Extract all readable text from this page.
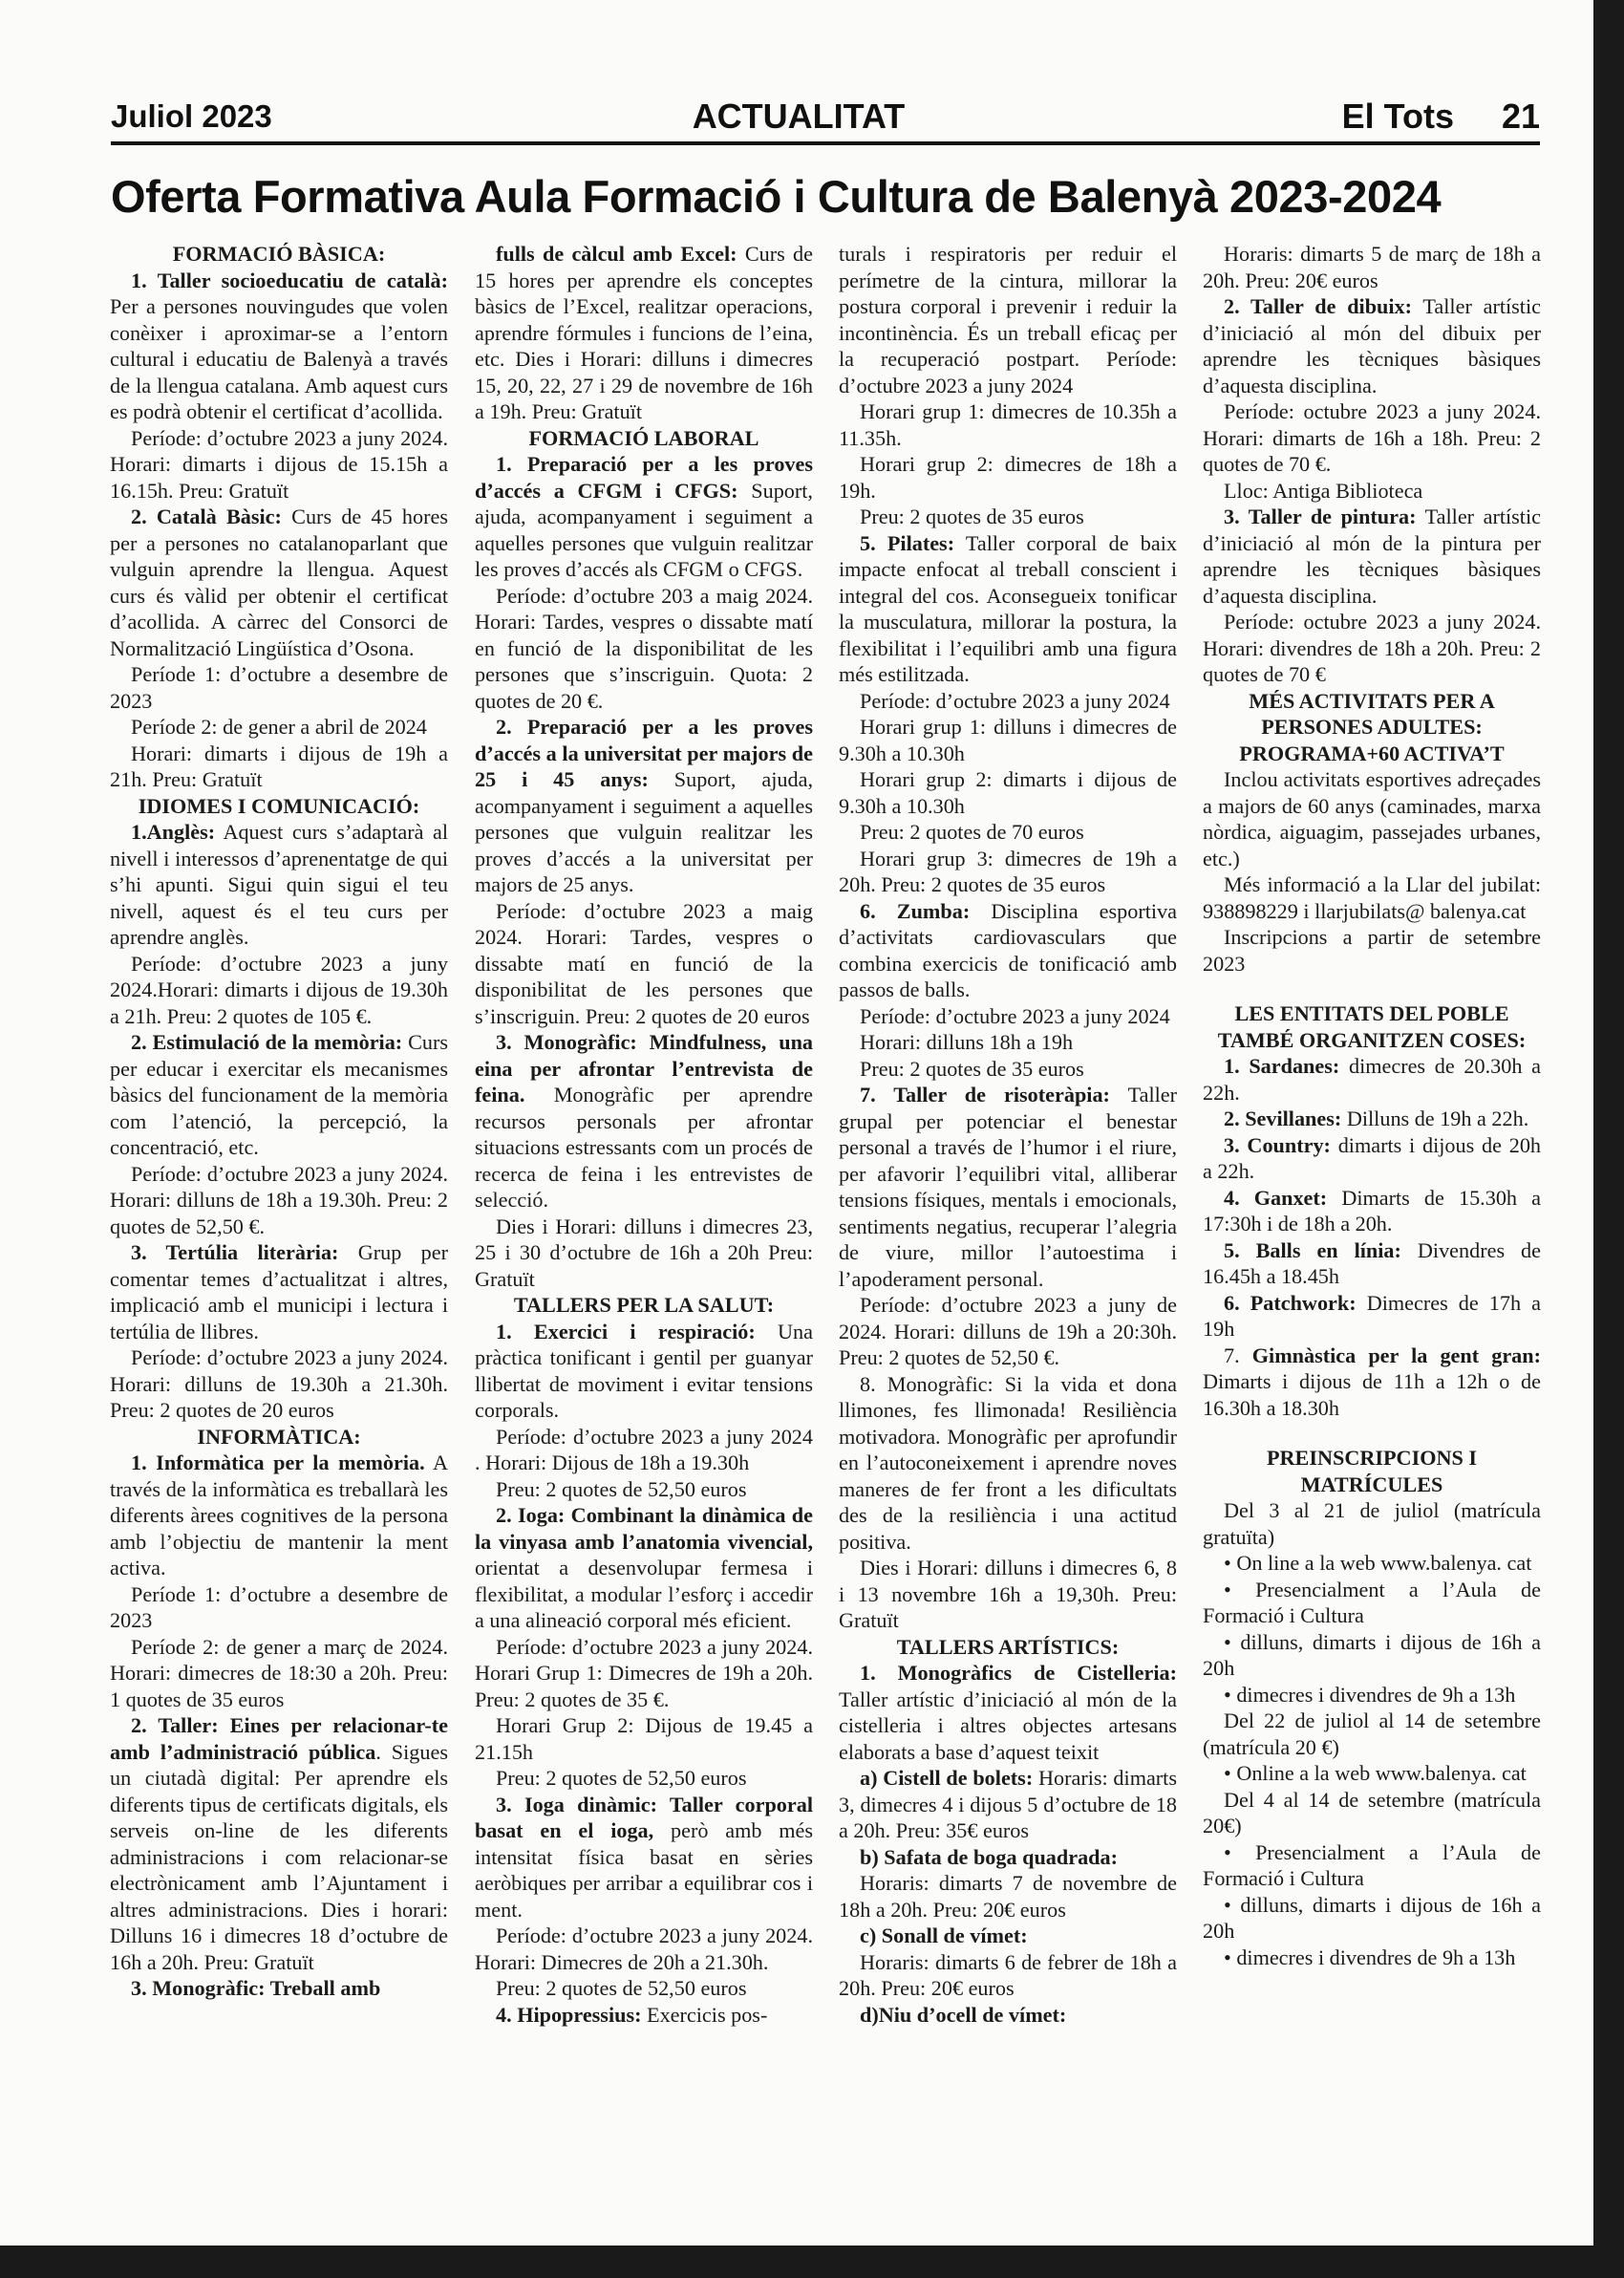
Juliol 2023	ACTUALITAT	El Tots 21
Oferta Formativa Aula Formació i Cultura de Balenyà 2023-2024

FORMACIÓ BÀSICA:

1. Taller socioeducatiu de català: Per a persones nouvingudes que volen conèixer i aproximar-se a l’entorn cultural i educatiu de Balenyà a través de la llengua catalana. Amb aquest curs es podrà obtenir el certificat d’acollida.

Període: d’octubre 2023 a juny 2024. Horari: dimarts i dijous de 15.15h a 16.15h. Preu: Gratuït

2. Català Bàsic: Curs de 45 hores per a persones no catalanoparlant que vulguin aprendre la llengua. Aquest curs és vàlid per obtenir el certificat d’acollida. A càrrec del Consorci de Normalització Lingüística d’Osona.

Període 1: d’octubre a desembre de 2023

Període 2: de gener a abril de 2024

Horari: dimarts i dijous de 19h a 21h. Preu: Gratuït

IDIOMES I COMUNICACIÓ:

1.Anglès: Aquest curs s’adaptarà al nivell i interessos d’aprenentatge de qui s’hi apunti. Sigui quin sigui el teu nivell, aquest és el teu curs per aprendre anglès.

Període: d’octubre 2023 a juny 2024.Horari: dimarts i dijous de 19.30h a 21h. Preu: 2 quotes de 105 €.

2. Estimulació de la memòria: Curs per educar i exercitar els mecanismes bàsics del funcionament de la memòria com l’atenció, la percepció, la concentració, etc.

Període: d’octubre 2023 a juny 2024. Horari: dilluns de 18h a 19.30h. Preu: 2 quotes de 52,50 €.

3. Tertúlia literària: Grup per comentar temes d’actualitzat i altres, implicació amb el municipi i lectura i tertúlia de llibres.

Període: d’octubre 2023 a juny 2024. Horari: dilluns de 19.30h a 21.30h. Preu: 2 quotes de 20 euros

INFORMÀTICA:

1. Informàtica per la memòria. A través de la informàtica es treballarà les diferents àrees cognitives de la persona amb l’objectiu de mantenir la ment activa.

Període 1: d’octubre a desembre de 2023

Període 2: de gener a març de 2024. Horari: dimecres de 18:30 a 20h. Preu: 1 quotes de 35 euros

2. Taller: Eines per relacionar-te amb l’administració pública. Sigues un ciutadà digital: Per aprendre els diferents tipus de certificats digitals, els serveis on-line de les diferents administracions i com relacionar-se electrònicament amb l’Ajuntament i altres administracions. Dies i horari: Dilluns 16 i dimecres 18 d’octubre de 16h a 20h. Preu: Gratuït

3. Monogràfic: Treball amb

fulls de càlcul amb Excel: Curs de 15 hores per aprendre els conceptes bàsics de l’Excel, realitzar operacions, aprendre fórmules i funcions de l’eina, etc. Dies i Horari: dilluns i dimecres 15, 20, 22, 27 i 29 de novembre de 16h a 19h. Preu: Gratuït

FORMACIÓ LABORAL

1. Preparació per a les proves d’accés a CFGM i CFGS: Suport, ajuda, acompanyament i seguiment a aquelles persones que vulguin realitzar les proves d’accés als CFGM o CFGS.

Període: d’octubre 203 a maig 2024. Horari: Tardes, vespres o dissabte matí en funció de la disponibilitat de les persones que s’inscriguin. Quota: 2 quotes de 20 €.

2. Preparació per a les proves d’accés a la universitat per majors de 25 i 45 anys: Suport, ajuda, acompanyament i seguiment a aquelles persones que vulguin realitzar les proves d’accés a la universitat per majors de 25 anys.

Període: d’octubre 2023 a maig 2024. Horari: Tardes, vespres o dissabte matí en funció de la disponibilitat de les persones que s’inscriguin. Preu: 2 quotes de 20 euros

3. Monogràfic: Mindfulness, una eina per afrontar l’entrevista de feina. Monogràfic per aprendre recursos personals per afrontar situacions estressants com un procés de recerca de feina i les entrevistes de selecció.

Dies i Horari: dilluns i dimecres 23, 25 i 30 d’octubre de 16h a 20h Preu: Gratuït

TALLERS PER LA SALUT:

1. Exercici i respiració: Una pràctica tonificant i gentil per guanyar llibertat de moviment i evitar tensions corporals.

Període: d’octubre 2023 a juny 2024 . Horari: Dijous de 18h a 19.30h

Preu: 2 quotes de 52,50 euros

2. Ioga: Combinant la dinàmica de la vinyasa amb l’anatomia vivencial, orientat a desenvolupar fermesa i flexibilitat, a modular l’esforç i accedir a una alineació corporal més eficient.

Període: d’octubre 2023 a juny 2024. Horari Grup 1: Dimecres de 19h a 20h. Preu: 2 quotes de 35 €.

Horari Grup 2: Dijous de 19.45 a 21.15h

Preu: 2 quotes de 52,50 euros

3. Ioga dinàmic: Taller corporal basat en el ioga, però amb més intensitat física basat en sèries aeròbiques per arribar a equilibrar cos i ment.

Període: d’octubre 2023 a juny 2024. Horari: Dimecres de 20h a 21.30h.

Preu: 2 quotes de 52,50 euros

4. Hipopressius: Exercicis pos-

turals i respiratoris per reduir el perímetre de la cintura, millorar la postura corporal i prevenir i reduir la incontinència. És un treball eficaç per la recuperació postpart. Període: d’octubre 2023 a juny 2024

Horari grup 1: dimecres de 10.35h a 11.35h.

Horari grup 2: dimecres de 18h a 19h.

Preu: 2 quotes de 35 euros

5. Pilates: Taller corporal de baix impacte enfocat al treball conscient i integral del cos. Aconsegueix tonificar la musculatura, millorar la postura, la flexibilitat i l’equilibri amb una figura més estilitzada.

Període: d’octubre 2023 a juny 2024

Horari grup 1: dilluns i dimecres de 9.30h a 10.30h

Horari grup 2: dimarts i dijous de 9.30h a 10.30h

Preu: 2 quotes de 70 euros

Horari grup 3: dimecres de 19h a 20h. Preu: 2 quotes de 35 euros

6. Zumba: Disciplina esportiva d’activitats cardiovasculars que combina exercicis de tonificació amb passos de balls.

Període: d’octubre 2023 a juny 2024

Horari: dilluns 18h a 19h

Preu: 2 quotes de 35 euros

7. Taller de risoteràpia: Taller grupal per potenciar el benestar personal a través de l’humor i el riure, per afavorir l’equilibri vital, alliberar tensions físiques, mentals i emocionals, sentiments negatius, recuperar l’alegria de viure, millor l’autoestima i l’apoderament personal.

Període: d’octubre 2023 a juny de 2024. Horari: dilluns de 19h a 20:30h. Preu: 2 quotes de 52,50 €.

8. Monogràfic: Si la vida et dona llimones, fes llimonada! Resiliència motivadora. Monogràfic per aprofundir en l’autoconeixement i aprendre noves maneres de fer front a les dificultats des de la resiliència i una actitud positiva.

Dies i Horari: dilluns i dimecres 6, 8 i 13 novembre 16h a 19,30h. Preu: Gratuït

TALLERS ARTÍSTICS:

1. Monogràfics de Cistelleria: Taller artístic d’iniciació al món de la cistelleria i altres objectes artesans elaborats a base d’aquest teixit

a) Cistell de bolets: Horaris: dimarts 3, dimecres 4 i dijous 5 d’octubre de 18 a 20h. Preu: 35€ euros

b) Safata de boga quadrada:

Horaris: dimarts 7 de novembre de 18h a 20h. Preu: 20€ euros

c) Sonall de vímet:

Horaris: dimarts 6 de febrer de 18h a 20h. Preu: 20€ euros

d)Niu d’ocell de vímet:

Horaris: dimarts 5 de març de 18h a 20h. Preu: 20€ euros

2. Taller de dibuix: Taller artístic d’iniciació al món del dibuix per aprendre les tècniques bàsiques d’aquesta disciplina.

Període: octubre 2023 a juny 2024. Horari: dimarts de 16h a 18h. Preu: 2 quotes de 70 €.

Lloc: Antiga Biblioteca

3. Taller de pintura: Taller artístic d’iniciació al món de la pintura per aprendre les tècniques bàsiques d’aquesta disciplina.

Període: octubre 2023 a juny 2024. Horari: divendres de 18h a 20h. Preu: 2 quotes de 70 €

MÉS ACTIVITATS PER A PERSONES ADULTES: PROGRAMA+60 ACTIVA’T

Inclou activitats esportives adreçades a majors de 60 anys (caminades, marxa nòrdica, aiguagim, passejades urbanes, etc.)

Més informació a la Llar del jubilat: 938898229 i llarjubilats@ balenya.cat

Inscripcions a partir de setembre 2023

LES ENTITATS DEL POBLE TAMBÉ ORGANITZEN COSES:

1. Sardanes: dimecres de 20.30h a 22h.

2. Sevillanes: Dilluns de 19h a 22h.

3. Country: dimarts i dijous de 20h a 22h.

4. Ganxet: Dimarts de 15.30h a 17:30h i de 18h a 20h.

5. Balls en línia: Divendres de 16.45h a 18.45h

6. Patchwork: Dimecres de 17h a 19h

7. Gimnàstica per la gent gran: Dimarts i dijous de 11h a 12h o de 16.30h a 18.30h

PREINSCRIPCIONS I MATRÍCULES

Del 3 al 21 de juliol (matrícula gratuïta)

• On line a la web www.balenya. cat

• Presencialment a l’Aula de Formació i Cultura

• dilluns, dimarts i dijous de 16h a 20h

• dimecres i divendres de 9h a 13h

Del 22 de juliol al 14 de setembre (matrícula 20 €)

• Online a la web www.balenya. cat

Del 4 al 14 de setembre (matrícula 20€)

• Presencialment a l’Aula de Formació i Cultura

• dilluns, dimarts i dijous de 16h a 20h

• dimecres i divendres de 9h a 13h
